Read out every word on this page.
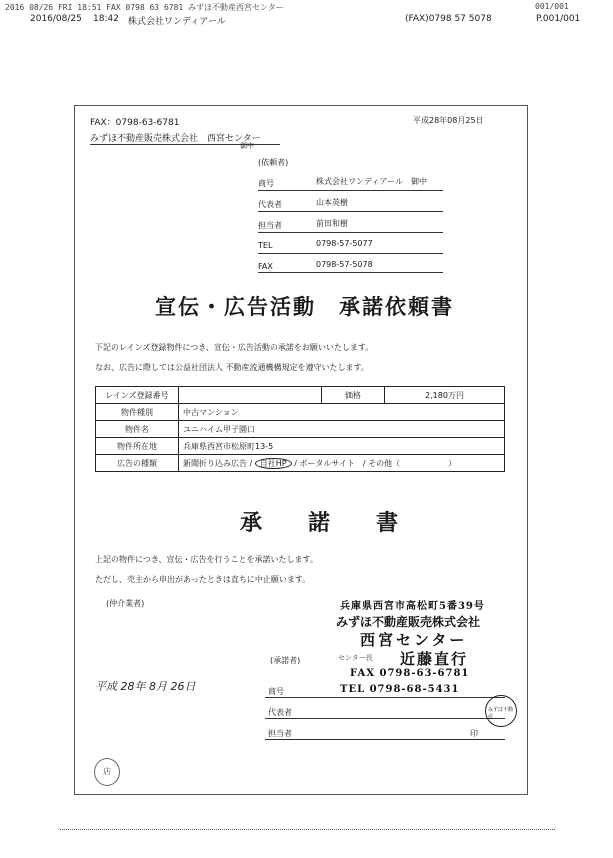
2016 08/26 FRI 18:51 FAX 0798 63 6781 みずほ不動産西宮センター	001/001
2016/08/25 18:42 株式会社ワンディアール	(FAX)0798 57 5078	P.001/001
FAX：0798-63-6781	平成28年08月25日
みずほ不動産販売株式会社　西宮センター
御中
(依頼者)
商号	株式会社ワンディアール　御中
代表者	山本英樹
担当者	前田和樹
TEL	0798-57-5077
FAX	0798-57-5078
宣伝・広告活動　承諾依頼書
下記のレインズ登録物件につき、宣伝・広告活動の承諾をお願いいたします。
なお、広告に際しては公益社団法人 不動産流通機構規定を遵守いたします。
レインズ登録番号		価格	2,180万円
物件種別	中古マンション		
物件名	ユニハイム甲子園口		
物件所在地	兵庫県西宮市松原町13-5		
広告の種類	新聞折り込み広告 / 自社HP / ポータルサイト　/ その他（　　　　　　）		
承　諾　書
上記の物件につき、宣伝・広告を行うことを承諾いたします。
ただし、売主から申出があったときは直ちに中止願います。
(仲介業者)	兵庫県西宮市高松町5番39号
みずほ不動産販売株式会社
西宮センター
(承諾者)	センター長 近藤直行
FAX 0798-63-6781
TEL 0798-68-5431
平成 28年 8月 26日	商号
代表者
担当者	印
みずほ不動産
店
